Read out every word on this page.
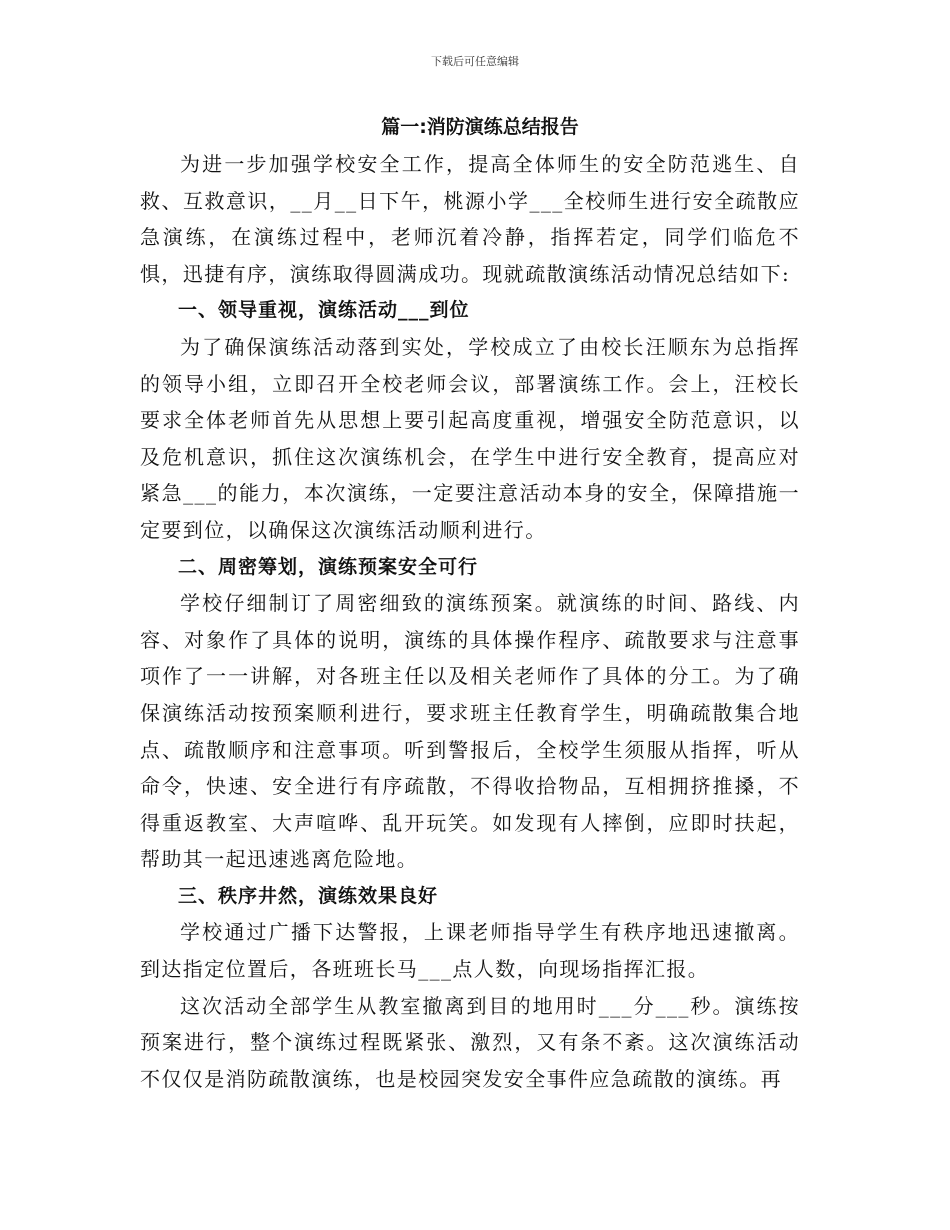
下载后可任意编辑
篇一:消防演练总结报告

为进一步加强学校安全工作，提高全体师生的安全防范逃生、自救、互救意识，__月__日下午，桃源小学___全校师生进行安全疏散应急演练，在演练过程中，老师沉着冷静，指挥若定，同学们临危不惧，迅捷有序，演练取得圆满成功。现就疏散演练活动情况总结如下:

一、领导重视，演练活动___到位

为了确保演练活动落到实处，学校成立了由校长汪顺东为总指挥的领导小组，立即召开全校老师会议，部署演练工作。会上，汪校长要求全体老师首先从思想上要引起高度重视，增强安全防范意识，以及危机意识，抓住这次演练机会，在学生中进行安全教育，提高应对紧急___的能力，本次演练，一定要注意活动本身的安全，保障措施一定要到位，以确保这次演练活动顺利进行。

二、周密筹划，演练预案安全可行

学校仔细制订了周密细致的演练预案。就演练的时间、路线、内容、对象作了具体的说明，演练的具体操作程序、疏散要求与注意事项作了一一讲解，对各班主任以及相关老师作了具体的分工。为了确保演练活动按预案顺利进行，要求班主任教育学生，明确疏散集合地点、疏散顺序和注意事项。听到警报后，全校学生须服从指挥，听从命令，快速、安全进行有序疏散，不得收拾物品，互相拥挤推搡，不得重返教室、大声喧哗、乱开玩笑。如发现有人摔倒，应即时扶起，帮助其一起迅速逃离危险地。

三、秩序井然，演练效果良好

学校通过广播下达警报，上课老师指导学生有秩序地迅速撤离。到达指定位置后，各班班长马___点人数，向现场指挥汇报。

这次活动全部学生从教室撤离到目的地用时___分___秒。演练按预案进行，整个演练过程既紧张、激烈，又有条不紊。这次演练活动不仅仅是消防疏散演练，也是校园突发安全事件应急疏散的演练。再
